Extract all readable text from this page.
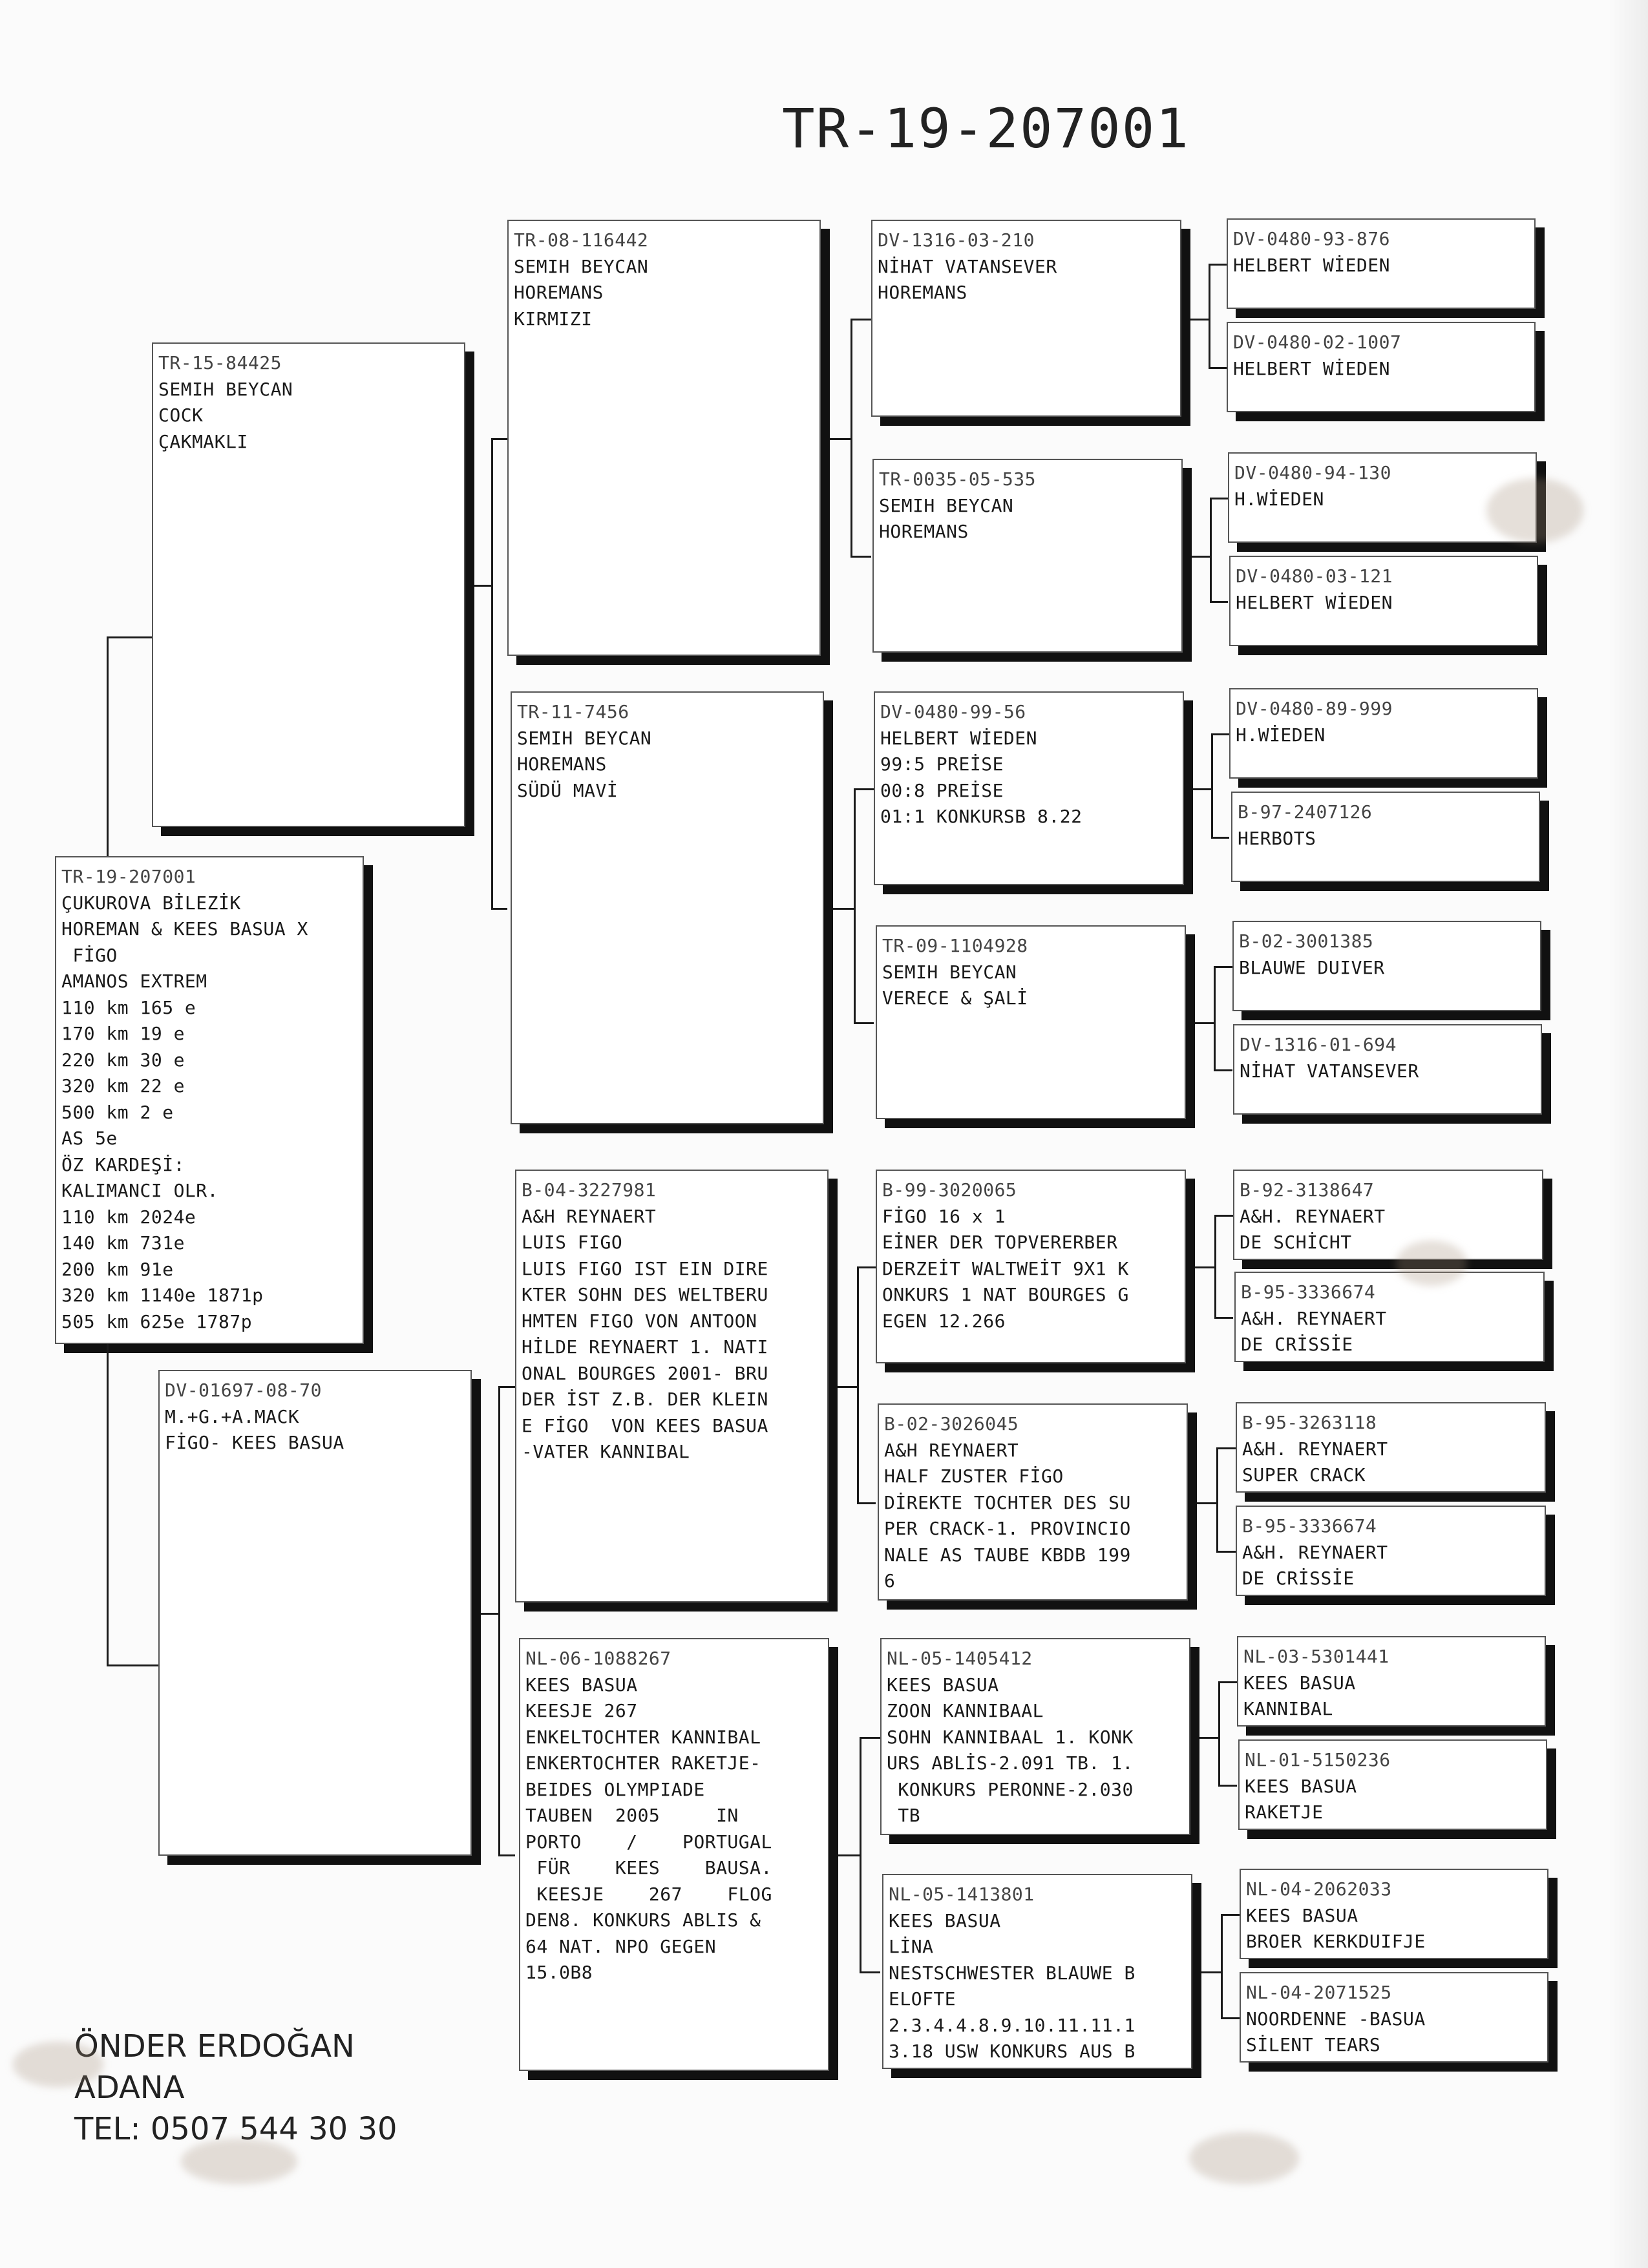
TR-19-207001
TR-19-207001
ÇUKUROVA BİLEZİK
HOREMAN & KEES BASUA X
FİGO
AMANOS EXTREM
110 km 165 e
170 km 19 e
220 km 30 e
320 km 22 e
500 km 2 e
AS 5e
ÖZ KARDEŞİ:
KALIMANCI OLR.
110 km 2024e
140 km 731e
200 km 91e
320 km 1140e 1871p
505 km 625e 1787p
TR-15-84425
SEMIH BEYCAN
COCK
ÇAKMAKLI
DV-01697-08-70
M.+G.+A.MACK
FİGO- KEES BASUA
TR-08-116442
SEMIH BEYCAN
HOREMANS
KIRMIZI
TR-11-7456
SEMIH BEYCAN
HOREMANS
SÜDÜ MAVİ
B-04-3227981
A&H REYNAERT
LUIS FIGO
LUIS FIGO IST EIN DIRE
KTER SOHN DES WELTBERU
HMTEN FIGO VON ANTOON
HİLDE REYNAERT 1. NATI
ONAL BOURGES 2001- BRU
DER İST Z.B. DER KLEIN
E FİGO  VON KEES BASUA
-VATER KANNIBAL
NL-06-1088267
KEES BASUA
KEESJE 267
ENKELTOCHTER KANNIBAL
ENKERTOCHTER RAKETJE-
BEIDES OLYMPIADE
TAUBEN  2005     IN
PORTO    /    PORTUGAL
FÜR    KEES    BAUSA.
KEESJE    267    FLOG
DEN8. KONKURS ABLIS &
64 NAT. NPO GEGEN
15.0B8
DV-1316-03-210
NİHAT VATANSEVER
HOREMANS
TR-0035-05-535
SEMIH BEYCAN
HOREMANS
DV-0480-99-56
HELBERT WİEDEN
99:5 PREİSE
00:8 PREİSE
01:1 KONKURSB 8.22
TR-09-1104928
SEMIH BEYCAN
VERECE & ŞALİ
B-99-3020065
FİGO 16 x 1
EİNER DER TOPVERERBER
DERZEİT WALTWEİT 9X1 K
ONKURS 1 NAT BOURGES G
EGEN 12.266
B-02-3026045
A&H REYNAERT
HALF ZUSTER FİGO
DİREKTE TOCHTER DES SU
PER CRACK-1. PROVINCIO
NALE AS TAUBE KBDB 199
6
NL-05-1405412
KEES BASUA
ZOON KANNIBAAL
SOHN KANNIBAAL 1. KONK
URS ABLİS-2.091 TB. 1.
KONKURS PERONNE-2.030
TB
NL-05-1413801
KEES BASUA
LİNA
NESTSCHWESTER BLAUWE B
ELOFTE
2.3.4.4.8.9.10.11.11.1
3.18 USW KONKURS AUS B
DV-0480-93-876
HELBERT WİEDEN
DV-0480-02-1007
HELBERT WİEDEN
DV-0480-94-130
H.WİEDEN
DV-0480-03-121
HELBERT WİEDEN
DV-0480-89-999
H.WİEDEN
B-97-2407126
HERBOTS
B-02-3001385
BLAUWE DUIVER
DV-1316-01-694
NİHAT VATANSEVER
B-92-3138647
A&H. REYNAERT
DE SCHİCHT
B-95-3336674
A&H. REYNAERT
DE CRİSSİE
B-95-3263118
A&H. REYNAERT
SUPER CRACK
B-95-3336674
A&H. REYNAERT
DE CRİSSİE
NL-03-5301441
KEES BASUA
KANNIBAL
NL-01-5150236
KEES BASUA
RAKETJE
NL-04-2062033
KEES BASUA
BROER KERKDUIFJE
NL-04-2071525
NOORDENNE -BASUA
SİLENT TEARS
ÖNDER ERDOĞAN
ADANA
TEL: 0507 544 30 30
